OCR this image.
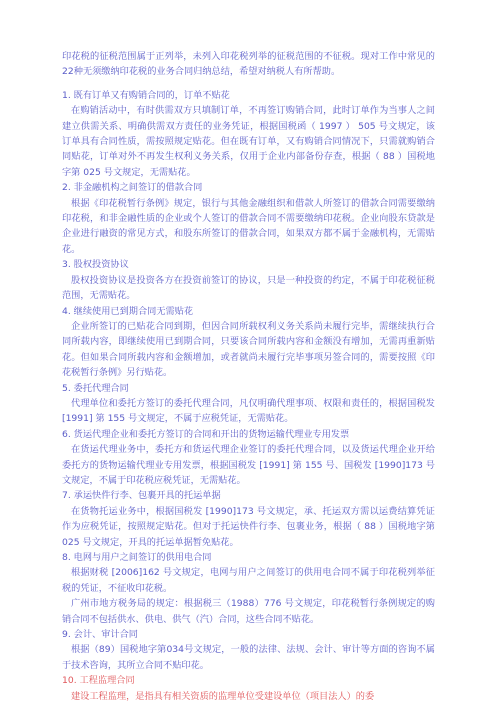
印花税的征税范围属于正列举，未列入印花税列举的征税范围的不征税。现对工作中常见的22种无须缴纳印花税的业务合同归纳总结，希望对纳税人有所帮助。

1. 既有订单又有购销合同的，订单不贴花

在购销活动中，有时供需双方只填制订单，不再签订购销合同，此时订单作为当事人之间建立供需关系、明确供需双方责任的业务凭证，根据国税函（ 1997 ） 505 号文规定，该订单具有合同性质，需按照规定贴花。但在既有订单，又有购销合同情况下，只需就购销合同贴花，订单对外不再发生权利义务关系，仅用于企业内部备份存查，根据（ 88 ）国税地字第 025 号文规定，无需贴花。

2. 非金融机构之间签订的借款合同

根据《印花税暂行条例》规定，银行与其他金融组织和借款人所签订的借款合同需要缴纳印花税，和非金融性质的企业或个人签订的借款合同不需要缴纳印花税。企业向股东贷款是企业进行融资的常见方式，和股东所签订的借款合同，如果双方都不属于金融机构，无需贴花。

3. 股权投资协议

股权投资协议是投资各方在投资前签订的协议，只是一种投资的约定，不属于印花税征税范围，无需贴花。

4. 继续使用已到期合同无需贴花

企业所签订的已贴花合同到期，但因合同所载权利义务关系尚未履行完毕，需继续执行合同所载内容，即继续使用已到期合同，只要该合同所载内容和金额没有增加，无需再重新贴花。但如果合同所载内容和金额增加，或者就尚未履行完毕事项另签合同的，需要按照《印花税暂行条例》另行贴花。

5. 委托代理合同

代理单位和委托方签订的委托代理合同，凡仅明确代理事项、权限和责任的，根据国税发 [1991] 第 155 号文规定，不属于应税凭证，无需贴花。

6. 货运代理企业和委托方签订的合同和开出的货物运输代理业专用发票

在货运代理业务中，委托方和货运代理企业签订的委托代理合同，以及货运代理企业开给委托方的货物运输代理业专用发票，根据国税发 [1991] 第 155 号、国税发 [1990]173 号文规定，不属于印花税应税凭证，无需贴花。

7. 承运快件行李、包裹开具的托运单据

在货物托运业务中，根据国税发 [1990]173 号文规定，承、托运双方需以运费结算凭证作为应税凭证，按照规定贴花。但对于托运快件行李、包裹业务，根据（ 88 ）国税地字第 025 号文规定，开具的托运单据暂免贴花。

8. 电网与用户之间签订的供用电合同

根据财税 [2006]162 号文规定，电网与用户之间签订的供用电合同不属于印花税列举征税的凭证，不征收印花税。

广州市地方税务局的规定：根据税三（1988）776 号文规定，印花税暂行条例规定的购销合同不包括供水、供电、供气（汽）合同，这些合同不贴花。

9. 会计、审计合同

根据（89）国税地字第034号文规定，一般的法律、法规、会计、审计等方面的咨询不属于技术咨询，其所立合同不贴印花。

10. 工程监理合同

建设工程监理，是指具有相关资质的监理单位受建设单位（项目法人）的委
